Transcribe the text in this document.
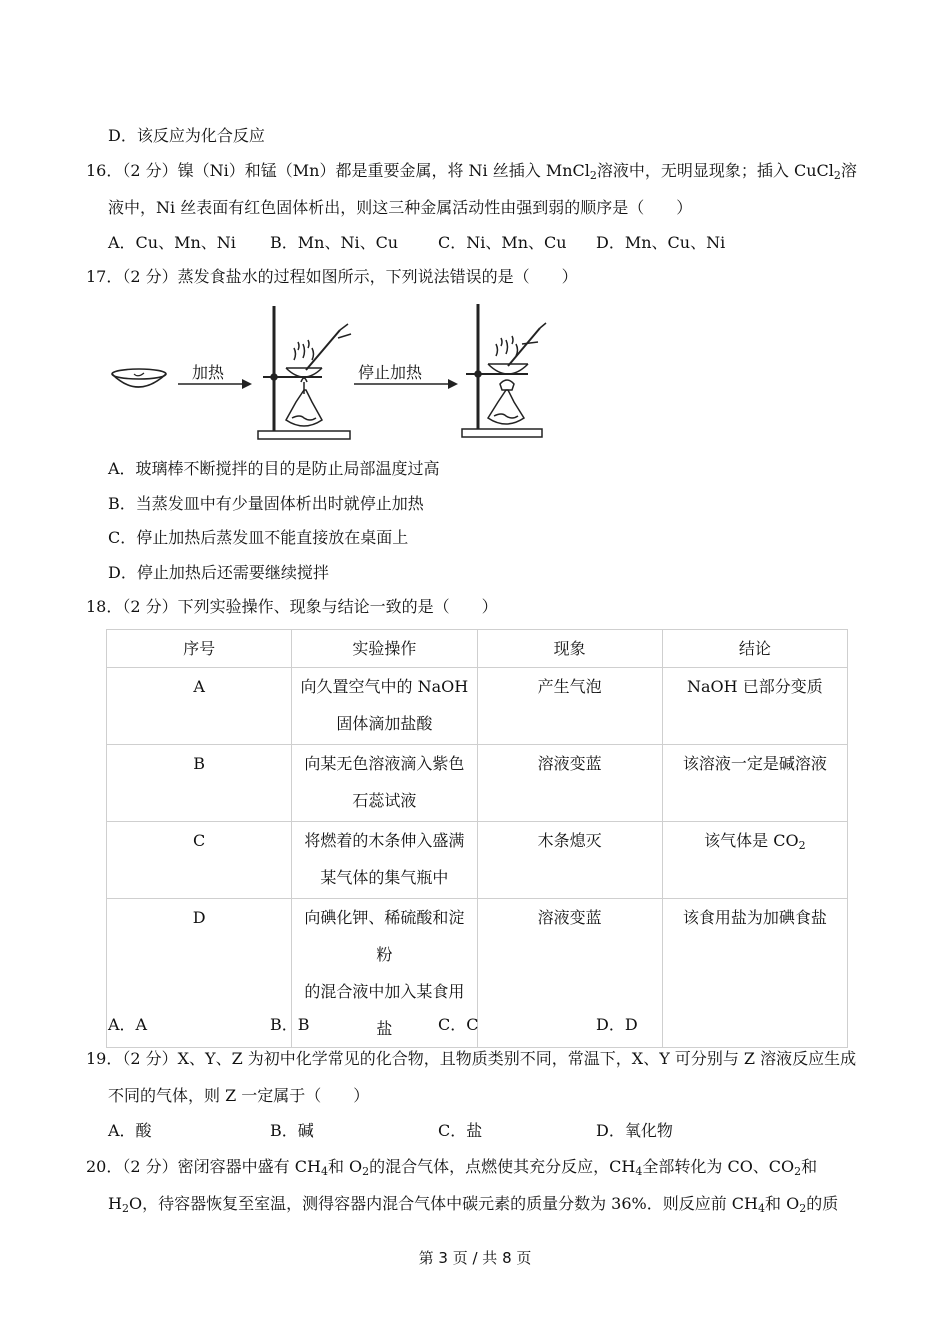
D．该反应为化合反应
16．（2 分）镍（Ni）和锰（Mn）都是重要金属，将 Ni 丝插入 MnCl$_2$溶液中，无明显现象；插入 CuCl$_2$溶
液中，Ni 丝表面有红色固体析出，则这三种金属活动性由强到弱的顺序是（　　）
A．Cu、Mn、Ni B．Mn、Ni、Cu C．Ni、Mn、Cu D．Mn、Cu、Ni
17．（2 分）蒸发食盐水的过程如图所示，下列说法错误的是（　　）
加热	停止加热
A．玻璃棒不断搅拌的目的是防止局部温度过高
B．当蒸发皿中有少量固体析出时就停止加热
C．停止加热后蒸发皿不能直接放在桌面上
D．停止加热后还需要继续搅拌
18．（2 分）下列实验操作、现象与结论一致的是（　　）
序号	实验操作	现象	结论
A	向久置空气中的 NaOH
固体滴加盐酸	产生气泡	NaOH 已部分变质
B	向某无色溶液滴入紫色
石蕊试液	溶液变蓝	该溶液一定是碱溶液
C	将燃着的木条伸入盛满
某气体的集气瓶中	木条熄灭	该气体是 $CO_2$
D	向碘化钾、稀硫酸和淀粉
的混合液中加入某食用
盐	溶液变蓝	该食用盐为加碘食盐
A．A	B．B	C．C	D．D
19．（2 分）X、Y、Z 为初中化学常见的化合物，且物质类别不同，常温下，X、Y 可分别与 Z 溶液反应生成
不同的气体，则 Z 一定属于（　　）
A．酸	B．碱	C．盐	D．氧化物
20．（2 分）密闭容器中盛有 $CH_4$和 $O_2$的混合气体，点燃使其充分反应，$CH_4$全部转化为 CO、$CO_2$和
$H_2O$，待容器恢复至室温，测得容器内混合气体中碳元素的质量分数为 36%．则反应前 $CH_4$和 $O_2$的质
第 3 页 / 共 8 页
